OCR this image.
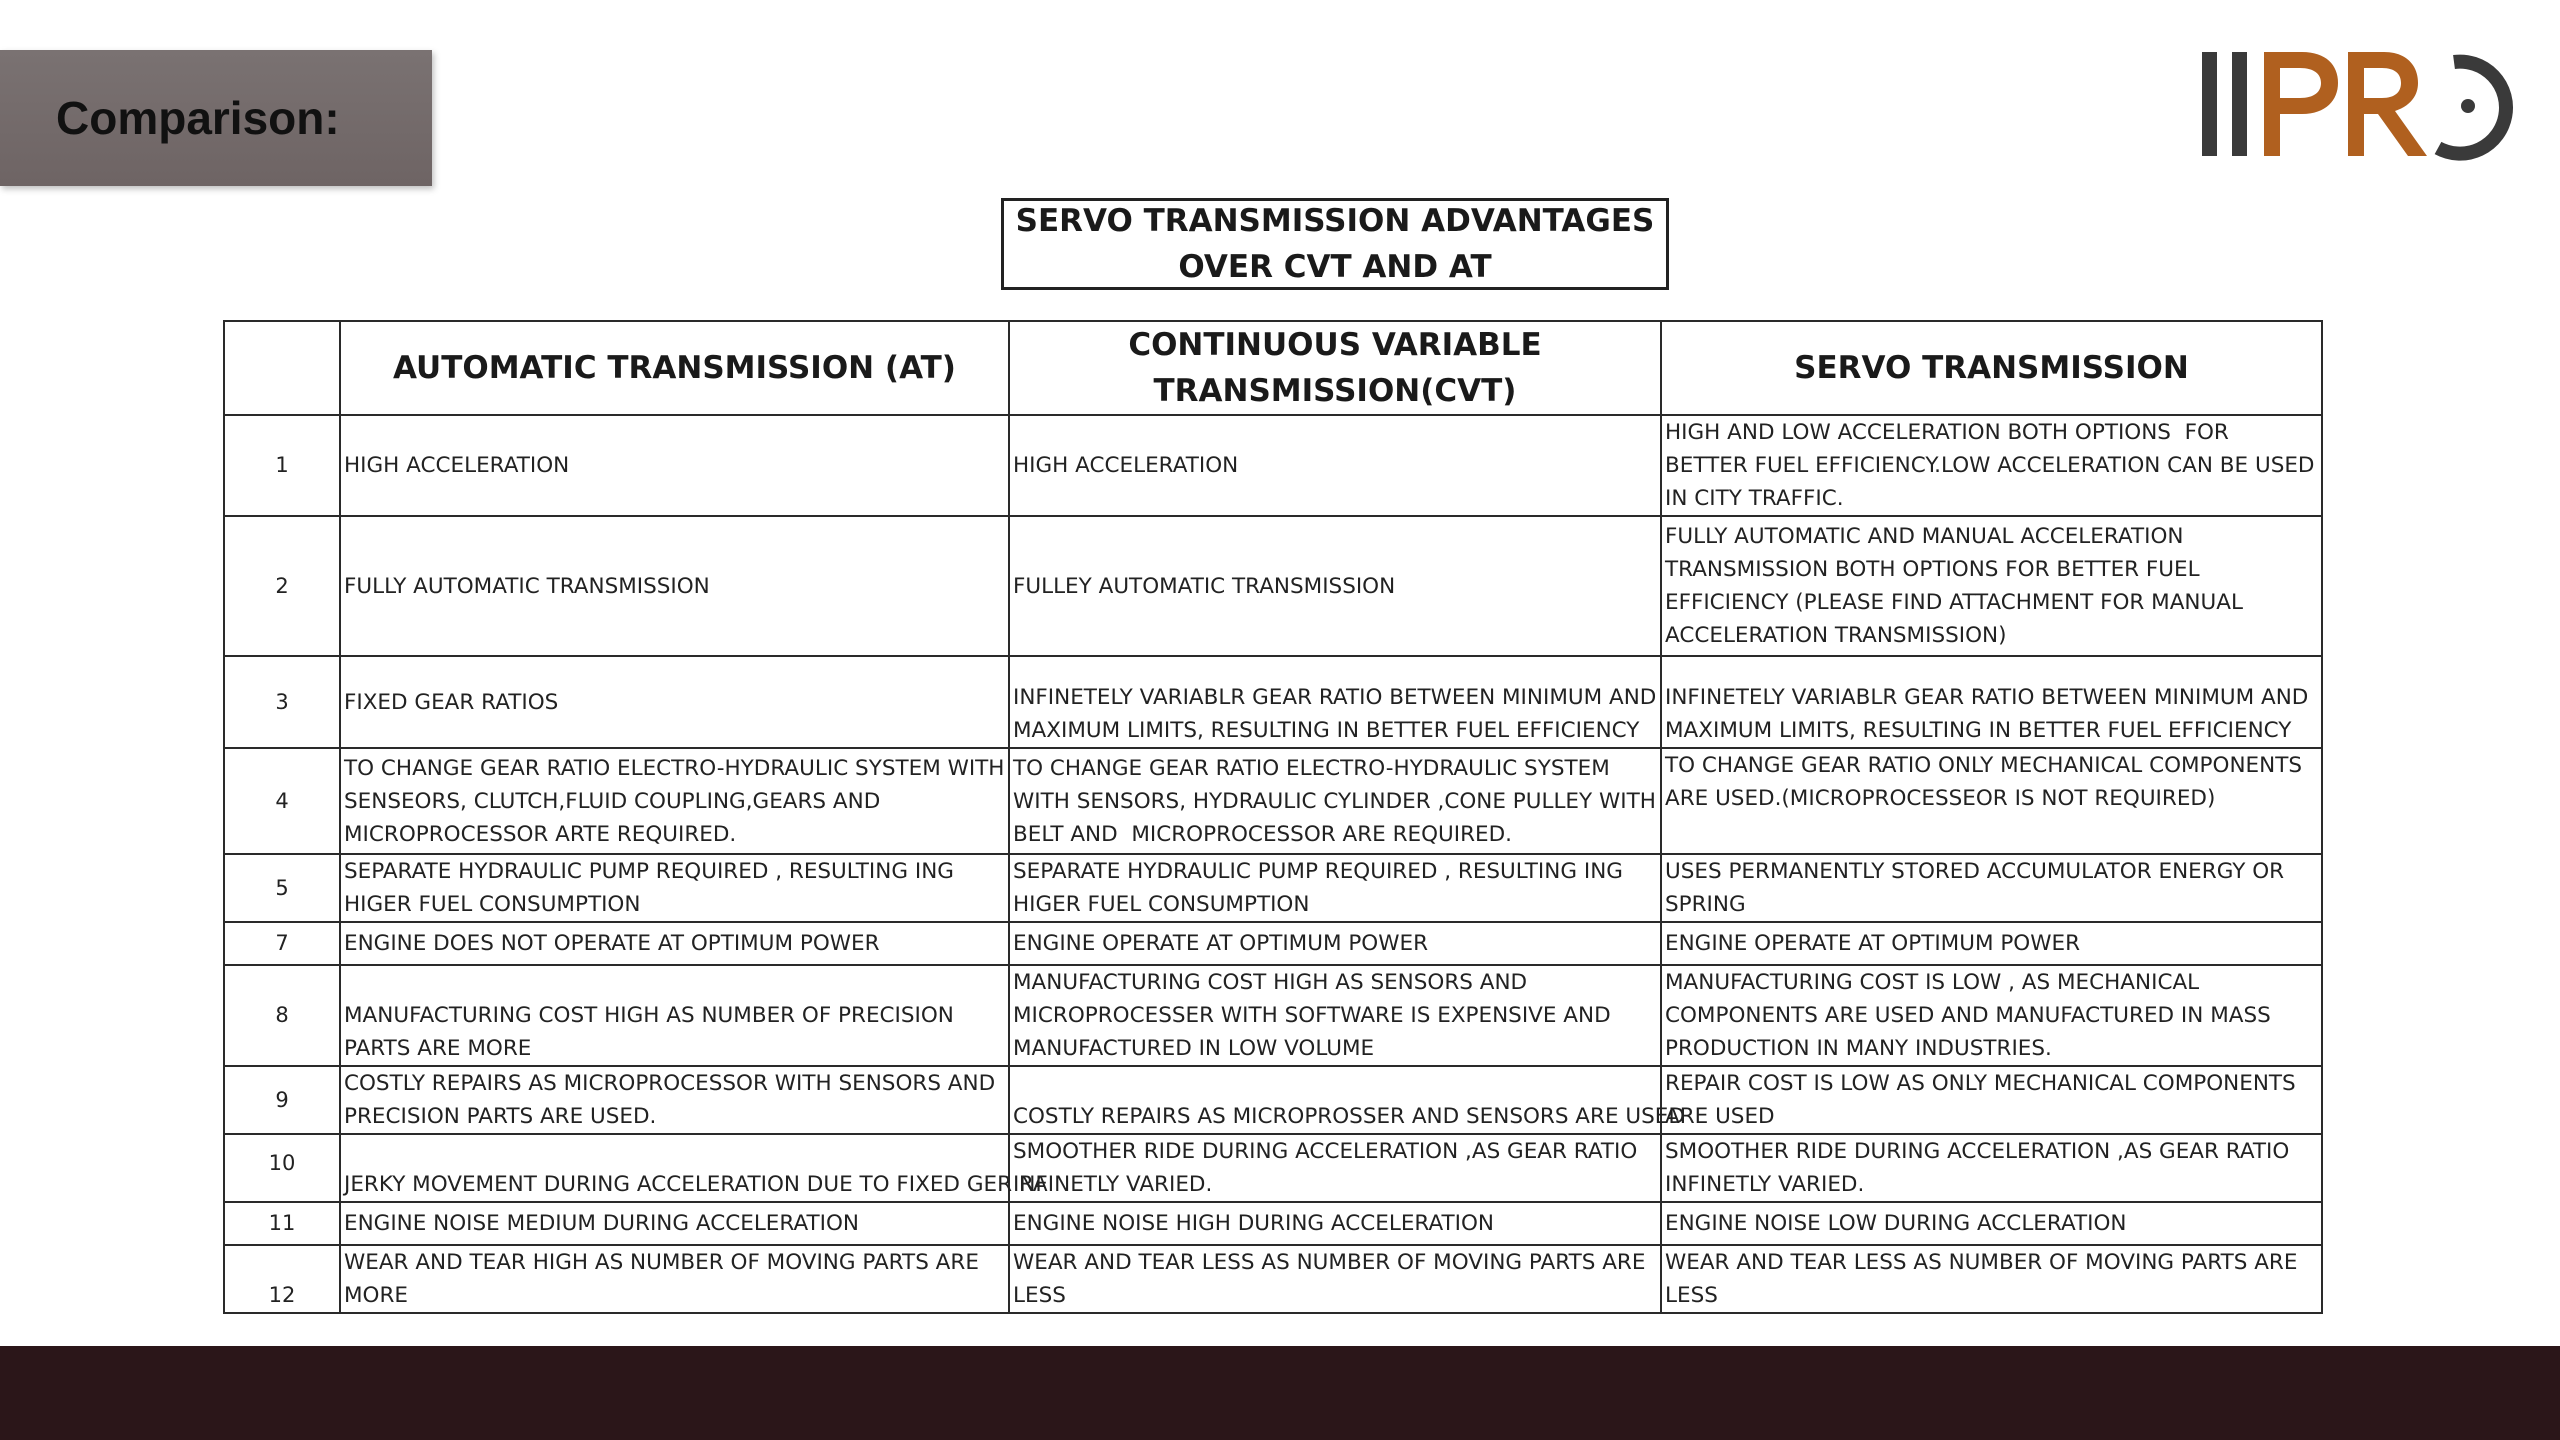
Comparison:
SERVO TRANSMISSION ADVANTAGES
OVER CVT AND AT
	AUTOMATIC TRANSMISSION (AT)	CONTINUOUS VARIABLE
TRANSMISSION(CVT)	SERVO TRANSMISSION
1	HIGH ACCELERATION	HIGH ACCELERATION	HIGH AND LOW ACCELERATION BOTH OPTIONS  FOR BETTER FUEL EFFICIENCY.LOW ACCELERATION CAN BE USED IN CITY TRAFFIC.
2	FULLY AUTOMATIC TRANSMISSION	FULLEY AUTOMATIC TRANSMISSION	FULLY AUTOMATIC AND MANUAL ACCELERATION TRANSMISSION BOTH OPTIONS FOR BETTER FUEL EFFICIENCY (PLEASE FIND ATTACHMENT FOR MANUAL ACCELERATION TRANSMISSION)
3	FIXED GEAR RATIOS	INFINETELY VARIABLR GEAR RATIO BETWEEN MINIMUM AND MAXIMUM LIMITS, RESULTING IN BETTER FUEL EFFICIENCY	INFINETELY VARIABLR GEAR RATIO BETWEEN MINIMUM AND MAXIMUM LIMITS, RESULTING IN BETTER FUEL EFFICIENCY
4	TO CHANGE GEAR RATIO ELECTRO-HYDRAULIC SYSTEM WITH SENSEORS, CLUTCH,FLUID COUPLING,GEARS AND MICROPROCESSOR ARTE REQUIRED.	TO CHANGE GEAR RATIO ELECTRO-HYDRAULIC SYSTEM WITH SENSORS, HYDRAULIC CYLINDER ,CONE PULLEY WITH BELT AND  MICROPROCESSOR ARE REQUIRED.	TO CHANGE GEAR RATIO ONLY MECHANICAL COMPONENTS ARE USED.(MICROPROCESSEOR IS NOT REQUIRED)
5	SEPARATE HYDRAULIC PUMP REQUIRED , RESULTING ING HIGER FUEL CONSUMPTION	SEPARATE HYDRAULIC PUMP REQUIRED , RESULTING ING HIGER FUEL CONSUMPTION	USES PERMANENTLY STORED ACCUMULATOR ENERGY OR SPRING
7	ENGINE DOES NOT OPERATE AT OPTIMUM POWER	ENGINE OPERATE AT OPTIMUM POWER	ENGINE OPERATE AT OPTIMUM POWER
8	MANUFACTURING COST HIGH AS NUMBER OF PRECISION PARTS ARE MORE	MANUFACTURING COST HIGH AS SENSORS AND MICROPROCESSER WITH SOFTWARE IS EXPENSIVE AND MANUFACTURED IN LOW VOLUME	MANUFACTURING COST IS LOW , AS MECHANICAL COMPONENTS ARE USED AND MANUFACTURED IN MASS PRODUCTION IN MANY INDUSTRIES.
9	COSTLY REPAIRS AS MICROPROCESSOR WITH SENSORS AND PRECISION PARTS ARE USED.	COSTLY REPAIRS AS MICROPROSSER AND SENSORS ARE USED	REPAIR COST IS LOW AS ONLY MECHANICAL COMPONENTS ARE USED
10	JERKY MOVEMENT DURING ACCELERATION DUE TO FIXED GER RA	SMOOTHER RIDE DURING ACCELERATION ,AS GEAR RATIO INFINETLY VARIED.	SMOOTHER RIDE DURING ACCELERATION ,AS GEAR RATIO INFINETLY VARIED.
11	ENGINE NOISE MEDIUM DURING ACCELERATION	ENGINE NOISE HIGH DURING ACCELERATION	ENGINE NOISE LOW DURING ACCLERATION
12	WEAR AND TEAR HIGH AS NUMBER OF MOVING PARTS ARE MORE	WEAR AND TEAR LESS AS NUMBER OF MOVING PARTS ARE LESS	WEAR AND TEAR LESS AS NUMBER OF MOVING PARTS ARE LESS
